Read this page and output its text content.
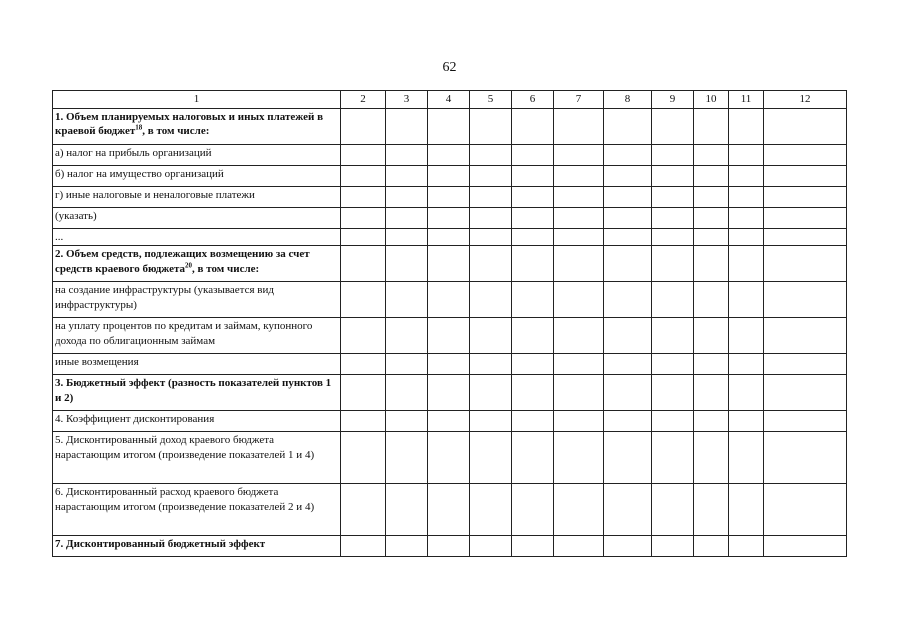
62
1	2	3	4	5	6	7	8	9	10	11	12
1. Объем планируемых налоговых и иных платежей в краевой бюджет$^{18}$, в том числе:											
а) налог на прибыль организаций											
б) налог на имущество организаций											
г) иные налоговые и неналоговые платежи											
(указать)											
...											
2. Объем средств, подлежащих возмещению за счет средств краевого бюджета$^{20}$, в том числе:											
на создание инфраструктуры (указывается вид инфраструктуры)											
на уплату процентов по кредитам и займам, купонного дохода по облигационным займам											
иные возмещения											
3. Бюджетный эффект (разность показателей пунктов 1 и 2)											
4. Коэффициент дисконтирования											
5. Дисконтированный доход краевого бюджета нарастающим итогом (произведение показателей 1 и 4)											
6. Дисконтированный расход краевого бюджета нарастающим итогом (произведение показателей 2 и 4)											
7. Дисконтированный бюджетный эффект											
